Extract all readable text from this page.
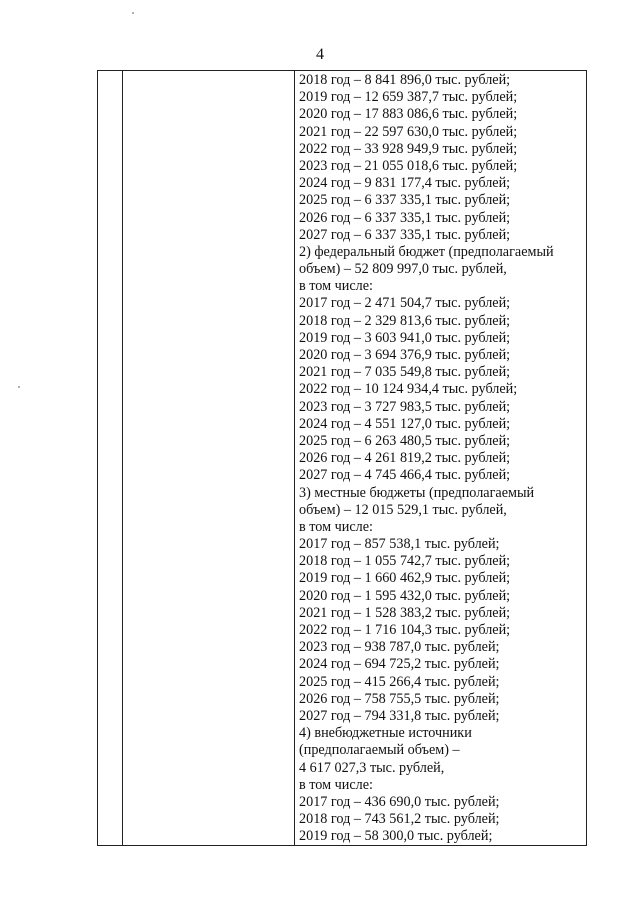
4
2018 год – 8 841 896,0 тыс. рублей;
2019 год – 12 659 387,7 тыс. рублей;
2020 год – 17 883 086,6 тыс. рублей;
2021 год – 22 597 630,0 тыс. рублей;
2022 год – 33 928 949,9 тыс. рублей;
2023 год – 21 055 018,6 тыс. рублей;
2024 год – 9 831 177,4 тыс. рублей;
2025 год – 6 337 335,1 тыс. рублей;
2026 год – 6 337 335,1 тыс. рублей;
2027 год – 6 337 335,1 тыс. рублей;
2) федеральный бюджет (предполагаемый
объем) – 52 809 997,0 тыс. рублей,
в том числе:
2017 год – 2 471 504,7 тыс. рублей;
2018 год – 2 329 813,6 тыс. рублей;
2019 год – 3 603 941,0 тыс. рублей;
2020 год – 3 694 376,9 тыс. рублей;
2021 год – 7 035 549,8 тыс. рублей;
2022 год – 10 124 934,4 тыс. рублей;
2023 год – 3 727 983,5 тыс. рублей;
2024 год – 4 551 127,0 тыс. рублей;
2025 год – 6 263 480,5 тыс. рублей;
2026 год – 4 261 819,2 тыс. рублей;
2027 год – 4 745 466,4 тыс. рублей;
3) местные бюджеты (предполагаемый
объем) – 12 015 529,1 тыс. рублей,
в том числе:
2017 год – 857 538,1 тыс. рублей;
2018 год – 1 055 742,7 тыс. рублей;
2019 год – 1 660 462,9 тыс. рублей;
2020 год – 1 595 432,0 тыс. рублей;
2021 год – 1 528 383,2 тыс. рублей;
2022 год – 1 716 104,3 тыс. рублей;
2023 год – 938 787,0 тыс. рублей;
2024 год – 694 725,2 тыс. рублей;
2025 год – 415 266,4 тыс. рублей;
2026 год – 758 755,5 тыс. рублей;
2027 год – 794 331,8 тыс. рублей;
4) внебюджетные источники
(предполагаемый объем) –
4 617 027,3 тыс. рублей,
в том числе:
2017 год – 436 690,0 тыс. рублей;
2018 год – 743 561,2 тыс. рублей;
2019 год – 58 300,0 тыс. рублей;
